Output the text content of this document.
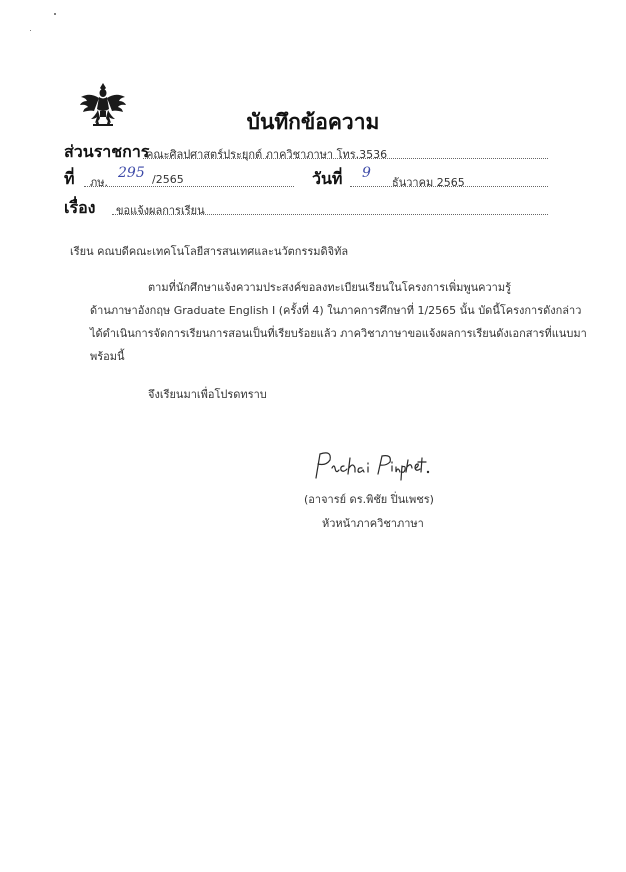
บันทึกข้อความ
ส่วนราชการ
คณะศิลปศาสตร์ประยุกต์ ภาควิชาภาษา โทร.3536
ที่ ภษ.
295 /2565	วันที่ 9
ธันวาคม 2565
เรื่อง ขอแจ้งผลการเรียน
เรียน คณบดีคณะเทคโนโลยีสารสนเทศและนวัตกรรมดิจิทัล
ตามที่นักศึกษาแจ้งความประสงค์ขอลงทะเบียนเรียนในโครงการเพิ่มพูนความรู้
ด้านภาษาอังกฤษ Graduate English I (ครั้งที่ 4) ในภาคการศึกษาที่ 1/2565 นั้น บัดนี้โครงการดังกล่าว
ได้ดำเนินการจัดการเรียนการสอนเป็นที่เรียบร้อยแล้ว ภาควิชาภาษาขอแจ้งผลการเรียนดังเอกสารที่แนบมา
พร้อมนี้
จึงเรียนมาเพื่อโปรดทราบ
(อาจารย์ ดร.พิชัย ปิ่นเพชร)
หัวหน้าภาควิชาภาษา
